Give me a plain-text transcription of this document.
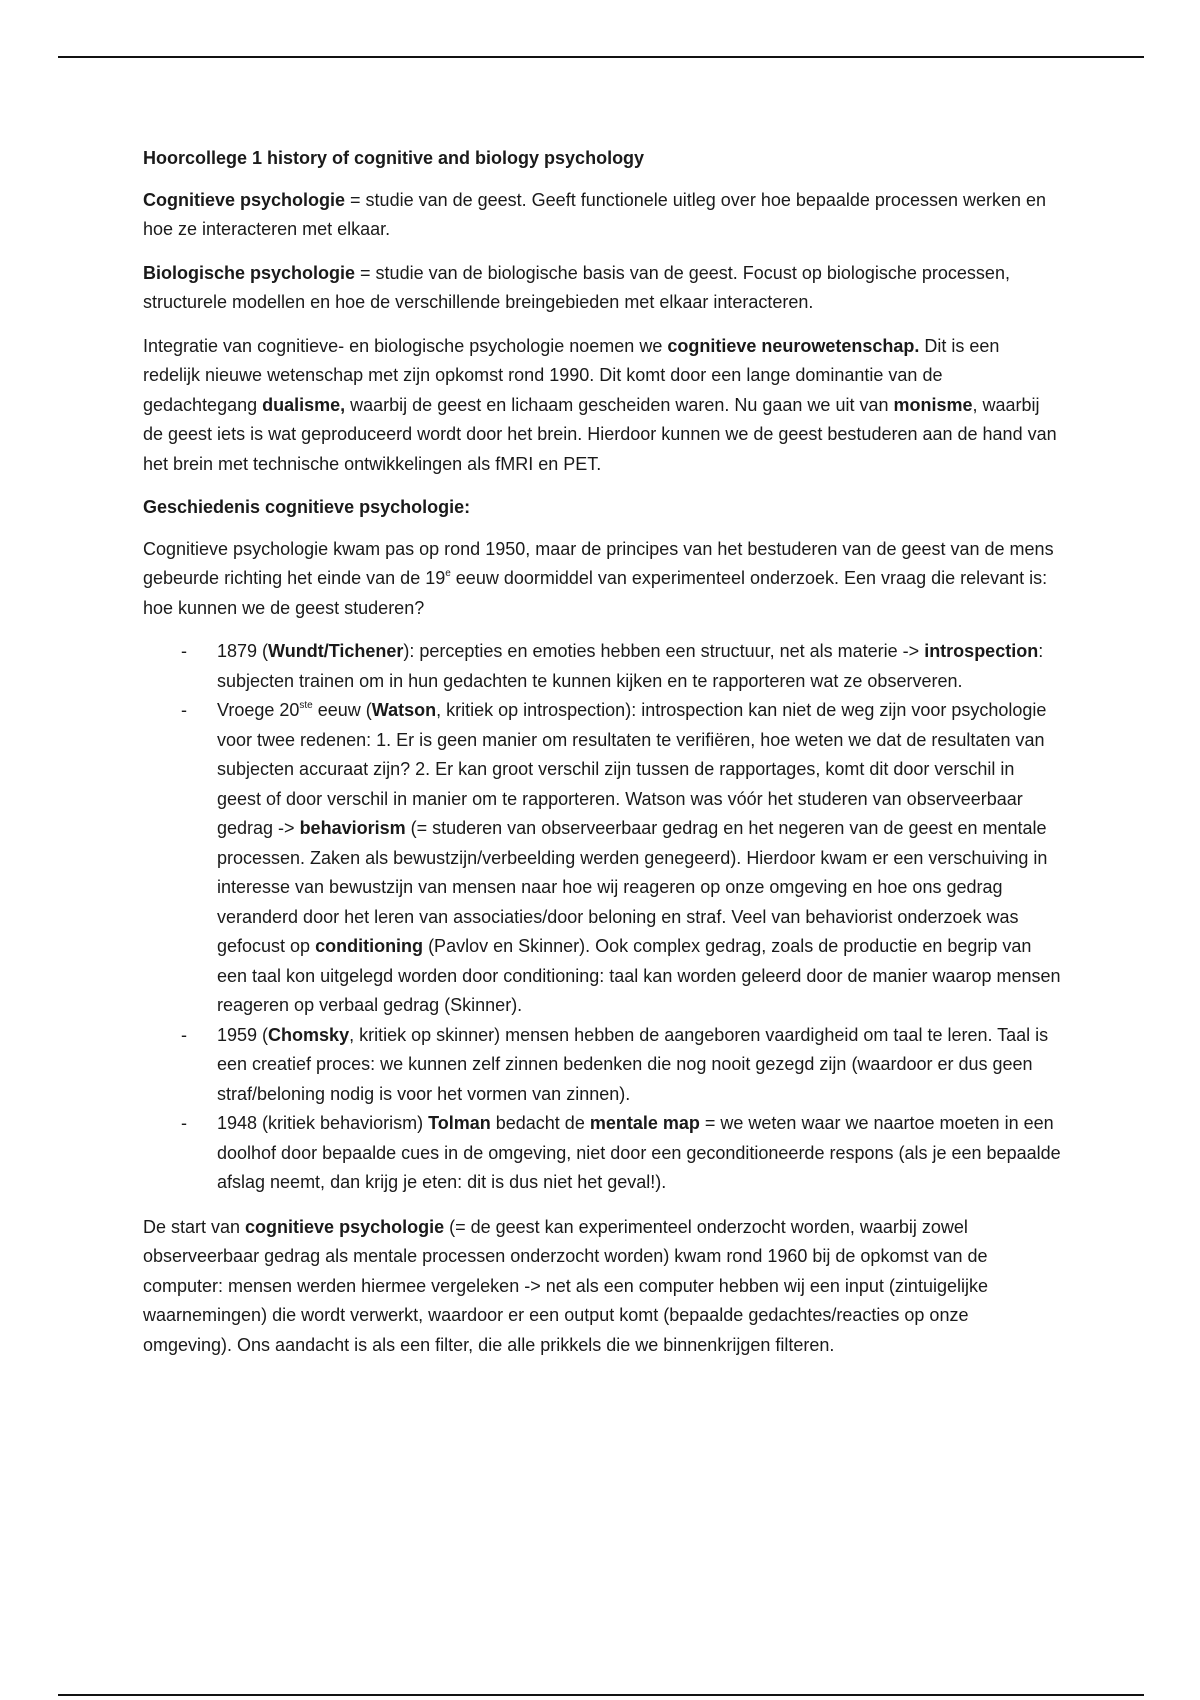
Hoorcollege 1 history of cognitive and biology psychology

Cognitieve psychologie = studie van de geest. Geeft functionele uitleg over hoe bepaalde processen werken en hoe ze interacteren met elkaar.

Biologische psychologie = studie van de biologische basis van de geest. Focust op biologische processen, structurele modellen en hoe de verschillende breingebieden met elkaar interacteren.

Integratie van cognitieve- en biologische psychologie noemen we cognitieve neurowetenschap. Dit is een redelijk nieuwe wetenschap met zijn opkomst rond 1990. Dit komt door een lange dominantie van de gedachtegang dualisme, waarbij de geest en lichaam gescheiden waren. Nu gaan we uit van monisme, waarbij de geest iets is wat geproduceerd wordt door het brein. Hierdoor kunnen we de geest bestuderen aan de hand van het brein met technische ontwikkelingen als fMRI en PET.

Geschiedenis cognitieve psychologie:

Cognitieve psychologie kwam pas op rond 1950, maar de principes van het bestuderen van de geest van de mens gebeurde richting het einde van de 19e eeuw doormiddel van experimenteel onderzoek. Een vraag die relevant is: hoe kunnen we de geest studeren?

- 1879 (Wundt/Tichener): percepties en emoties hebben een structuur, net als materie -> introspection: subjecten trainen om in hun gedachten te kunnen kijken en te rapporteren wat ze observeren.
- Vroege 20ste eeuw (Watson, kritiek op introspection): introspection kan niet de weg zijn voor psychologie voor twee redenen: 1. Er is geen manier om resultaten te verifiëren, hoe weten we dat de resultaten van subjecten accuraat zijn? 2. Er kan groot verschil zijn tussen de rapportages, komt dit door verschil in geest of door verschil in manier om te rapporteren. Watson was vóór het studeren van observeerbaar gedrag -> behaviorism (= studeren van observeerbaar gedrag en het negeren van de geest en mentale processen. Zaken als bewustzijn/verbeelding werden genegeerd). Hierdoor kwam er een verschuiving in interesse van bewustzijn van mensen naar hoe wij reageren op onze omgeving en hoe ons gedrag veranderd door het leren van associaties/door beloning en straf. Veel van behaviorist onderzoek was gefocust op conditioning (Pavlov en Skinner). Ook complex gedrag, zoals de productie en begrip van een taal kon uitgelegd worden door conditioning: taal kan worden geleerd door de manier waarop mensen reageren op verbaal gedrag (Skinner).
- 1959 (Chomsky, kritiek op skinner) mensen hebben de aangeboren vaardigheid om taal te leren. Taal is een creatief proces: we kunnen zelf zinnen bedenken die nog nooit gezegd zijn (waardoor er dus geen straf/beloning nodig is voor het vormen van zinnen).
- 1948 (kritiek behaviorism) Tolman bedacht de mentale map = we weten waar we naartoe moeten in een doolhof door bepaalde cues in de omgeving, niet door een geconditioneerde respons (als je een bepaalde afslag neemt, dan krijg je eten: dit is dus niet het geval!).

De start van cognitieve psychologie (= de geest kan experimenteel onderzocht worden, waarbij zowel observeerbaar gedrag als mentale processen onderzocht worden) kwam rond 1960 bij de opkomst van de computer: mensen werden hiermee vergeleken -> net als een computer hebben wij een input (zintuigelijke waarnemingen) die wordt verwerkt, waardoor er een output komt (bepaalde gedachtes/reacties op onze omgeving). Ons aandacht is als een filter, die alle prikkels die we binnenkrijgen filteren.
